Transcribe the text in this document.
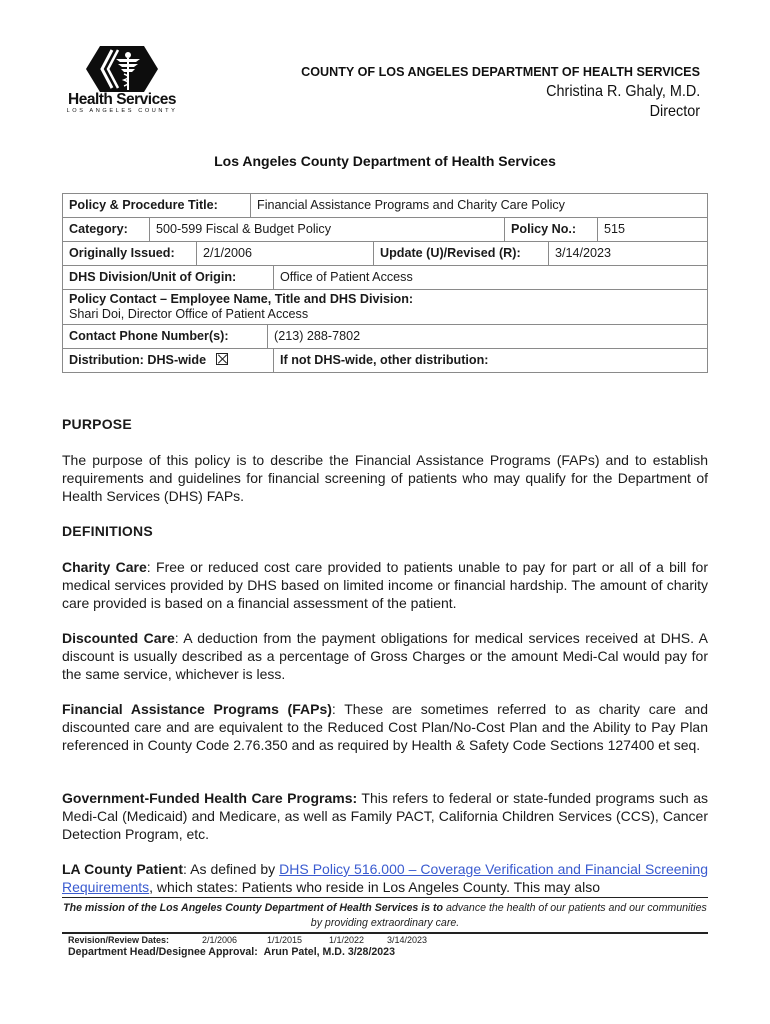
Health Services
LOS ANGELES COUNTY
COUNTY OF LOS ANGELES DEPARTMENT OF HEALTH SERVICES
Christina R. Ghaly, M.D.
Director
Los Angeles County Department of Health Services
Policy & Procedure Title:	Financial Assistance Programs and Charity Care Policy
Category:	500-599 Fiscal & Budget Policy	Policy No.:	515
Originally Issued:	2/1/2006	Update (U)/Revised (R):	3/14/2023
DHS Division/Unit of Origin:	Office of Patient Access
Policy Contact – Employee Name, Title and DHS Division:
Shari Doi, Director Office of Patient Access
Contact Phone Number(s):	(213) 288-7802
Distribution: DHS-wide	If not DHS-wide, other distribution:
PURPOSE
The purpose of this policy is to describe the Financial Assistance Programs (FAPs) and to establish requirements and guidelines for financial screening of patients who may qualify for the Department of Health Services (DHS) FAPs.
DEFINITIONS
Charity Care: Free or reduced cost care provided to patients unable to pay for part or all of a bill for medical services provided by DHS based on limited income or financial hardship. The amount of charity care provided is based on a financial assessment of the patient.
Discounted Care: A deduction from the payment obligations for medical services received at DHS. A discount is usually described as a percentage of Gross Charges or the amount Medi-Cal would pay for the same service, whichever is less.
Financial Assistance Programs (FAPs): These are sometimes referred to as charity care and discounted care and are equivalent to the Reduced Cost Plan/No-Cost Plan and the Ability to Pay Plan referenced in County Code 2.76.350 and as required by Health & Safety Code Sections 127400 et seq.
Government-Funded Health Care Programs: This refers to federal or state-funded programs such as Medi-Cal (Medicaid) and Medicare, as well as Family PACT, California Children Services (CCS), Cancer Detection Program, etc.
LA County Patient: As defined by DHS Policy 516.000 – Coverage Verification and Financial Screening Requirements, which states: Patients who reside in Los Angeles County. This may also
The mission of the Los Angeles County Department of Health Services is to advance the health of our patients and our communities by providing extraordinary care.
Revision/Review Dates:	2/1/2006	1/1/2015	1/1/2022	3/14/2023
Department Head/Designee Approval: Arun Patel, M.D. 3/28/2023
